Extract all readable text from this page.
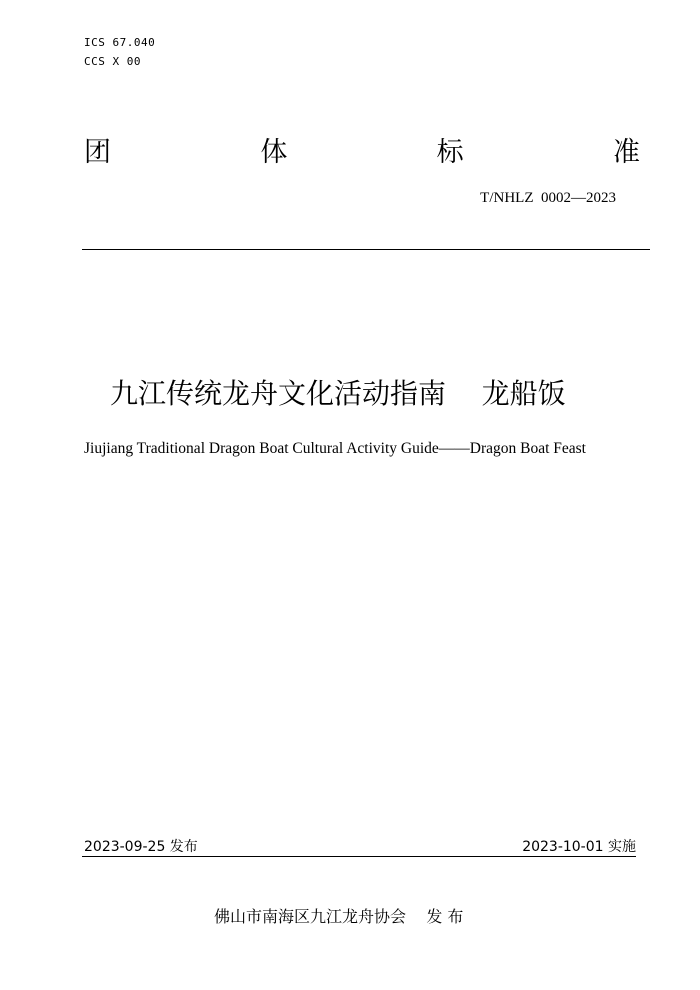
ICS 67.040
CCS X 00
团	体	标	准
T/NHLZ  0002—2023
九江传统龙舟文化活动指南    龙船饭
Jiujiang Traditional Dragon Boat Cultural Activity Guide——Dragon Boat Feast
2023-09-25 发布	2023-10-01 实施
佛山市南海区九江龙舟协会    发 布
